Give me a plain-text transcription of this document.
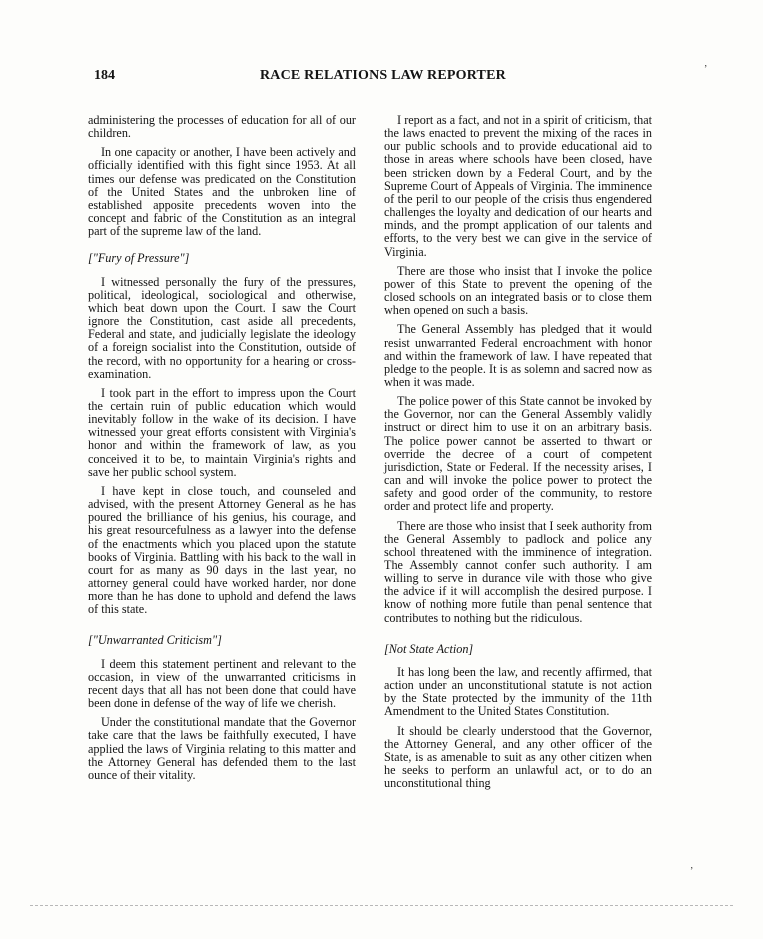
184	RACE RELATIONS LAW REPORTER

administering the processes of education for all of our children.

In one capacity or another, I have been actively and officially identified with this fight since 1953. At all times our defense was predicated on the Constitution of the United States and the unbroken line of established apposite precedents woven into the concept and fabric of the Constitution as an integral part of the supreme law of the land.

["Fury of Pressure"]

I witnessed personally the fury of the pressures, political, ideological, sociological and otherwise, which beat down upon the Court. I saw the Court ignore the Constitution, cast aside all precedents, Federal and state, and judicially legislate the ideology of a foreign socialist into the Constitution, outside of the record, with no opportunity for a hearing or cross-examination.

I took part in the effort to impress upon the Court the certain ruin of public education which would inevitably follow in the wake of its decision. I have witnessed your great efforts consistent with Virginia's honor and within the framework of law, as you conceived it to be, to maintain Virginia's rights and save her public school system.

I have kept in close touch, and counseled and advised, with the present Attorney General as he has poured the brilliance of his genius, his courage, and his great resourcefulness as a lawyer into the defense of the enactments which you placed upon the statute books of Virginia. Battling with his back to the wall in court for as many as 90 days in the last year, no attorney general could have worked harder, nor done more than he has done to uphold and defend the laws of this state.

["Unwarranted Criticism"]

I deem this statement pertinent and relevant to the occasion, in view of the unwarranted criticisms in recent days that all has not been done that could have been done in defense of the way of life we cherish.

Under the constitutional mandate that the Governor take care that the laws be faithfully executed, I have applied the laws of Virginia relating to this matter and the Attorney General has defended them to the last ounce of their vitality.

I report as a fact, and not in a spirit of criticism, that the laws enacted to prevent the mixing of the races in our public schools and to provide educational aid to those in areas where schools have been closed, have been stricken down by a Federal Court, and by the Supreme Court of Appeals of Virginia. The imminence of the peril to our people of the crisis thus engendered challenges the loyalty and dedication of our hearts and minds, and the prompt application of our talents and efforts, to the very best we can give in the service of Virginia.

There are those who insist that I invoke the police power of this State to prevent the opening of the closed schools on an integrated basis or to close them when opened on such a basis.

The General Assembly has pledged that it would resist unwarranted Federal encroachment with honor and within the framework of law. I have repeated that pledge to the people. It is as solemn and sacred now as when it was made.

The police power of this State cannot be invoked by the Governor, nor can the General Assembly validly instruct or direct him to use it on an arbitrary basis. The police power cannot be asserted to thwart or override the decree of a court of competent jurisdiction, State or Federal. If the necessity arises, I can and will invoke the police power to protect the safety and good order of the community, to restore order and protect life and property.

There are those who insist that I seek authority from the General Assembly to padlock and police any school threatened with the imminence of integration. The Assembly cannot confer such authority. I am willing to serve in durance vile with those who give the advice if it will accomplish the desired purpose. I know of nothing more futile than penal sentence that contributes to nothing but the ridiculous.

[Not State Action]

It has long been the law, and recently affirmed, that action under an unconstitutional statute is not action by the State protected by the immunity of the 11th Amendment to the United States Constitution.

It should be clearly understood that the Governor, the Attorney General, and any other officer of the State, is as amenable to suit as any other citizen when he seeks to perform an unlawful act, or to do an unconstitutional thing

’
’
